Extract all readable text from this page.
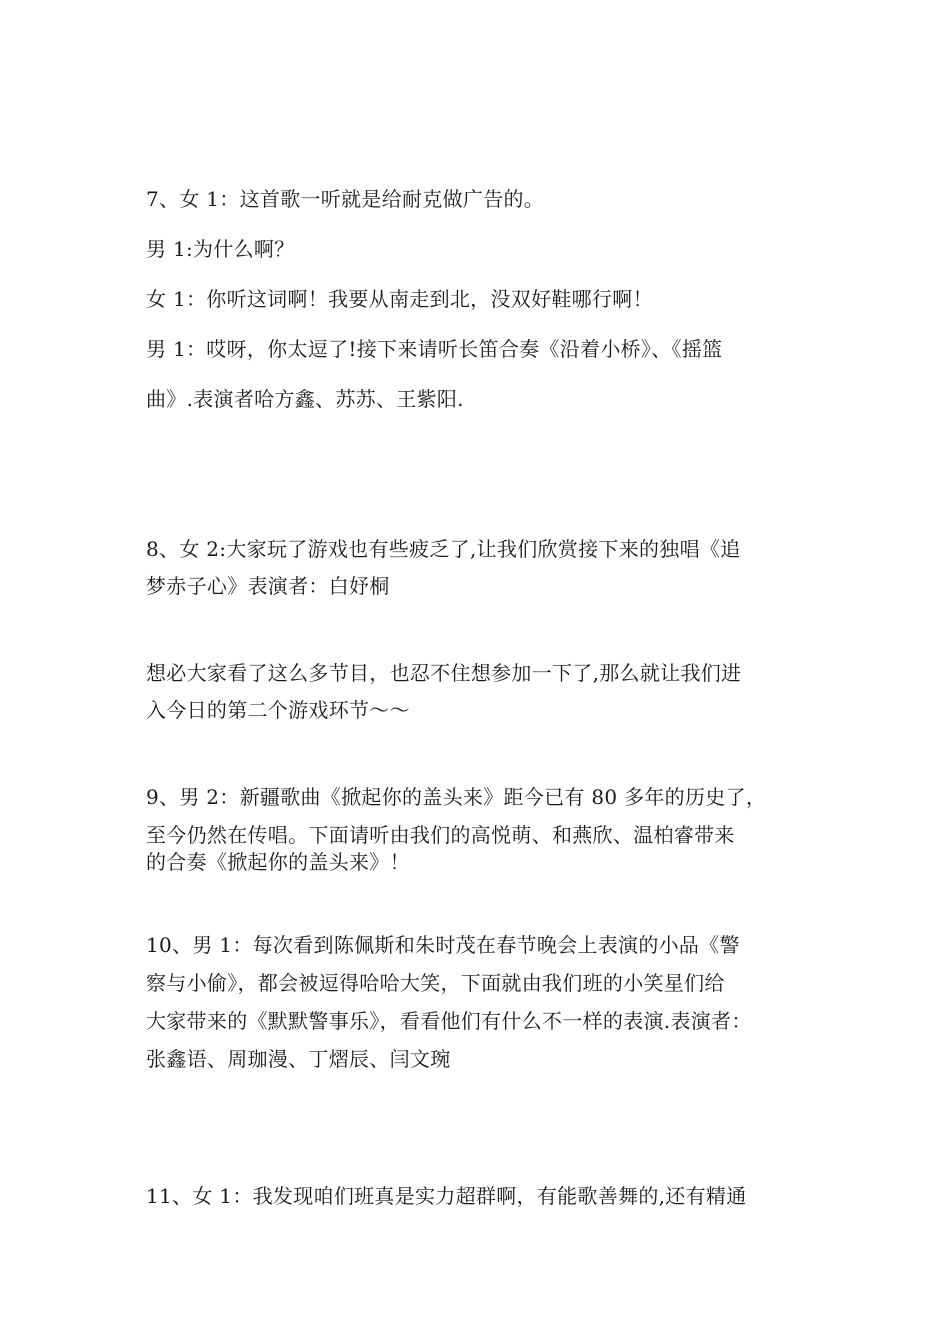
7、女 1：这首歌一听就是给耐克做广告的。
男 1:为什么啊？
女 1：你听这词啊！我要从南走到北，没双好鞋哪行啊！
男 1：哎呀，你太逗了!接下来请听长笛合奏《沿着小桥》、《摇篮
曲》.表演者哈方鑫、苏苏、王紫阳.
8、女 2:大家玩了游戏也有些疲乏了,让我们欣赏接下来的独唱《追
梦赤子心》表演者：白妤桐
想必大家看了这么多节目，也忍不住想参加一下了,那么就让我们进
入今日的第二个游戏环节～～
9、男 2：新疆歌曲《掀起你的盖头来》距今已有 80 多年的历史了，
至今仍然在传唱。下面请听由我们的高悦萌、和燕欣、温柏睿带来
的合奏《掀起你的盖头来》！
10、男 1：每次看到陈佩斯和朱时茂在春节晚会上表演的小品《警
察与小偷》，都会被逗得哈哈大笑，下面就由我们班的小笑星们给
大家带来的《默默警事乐》，看看他们有什么不一样的表演.表演者：
张鑫语、周珈漫、丁熠辰、闫文琬
11、女 1：我发现咱们班真是实力超群啊，有能歌善舞的,还有精通
